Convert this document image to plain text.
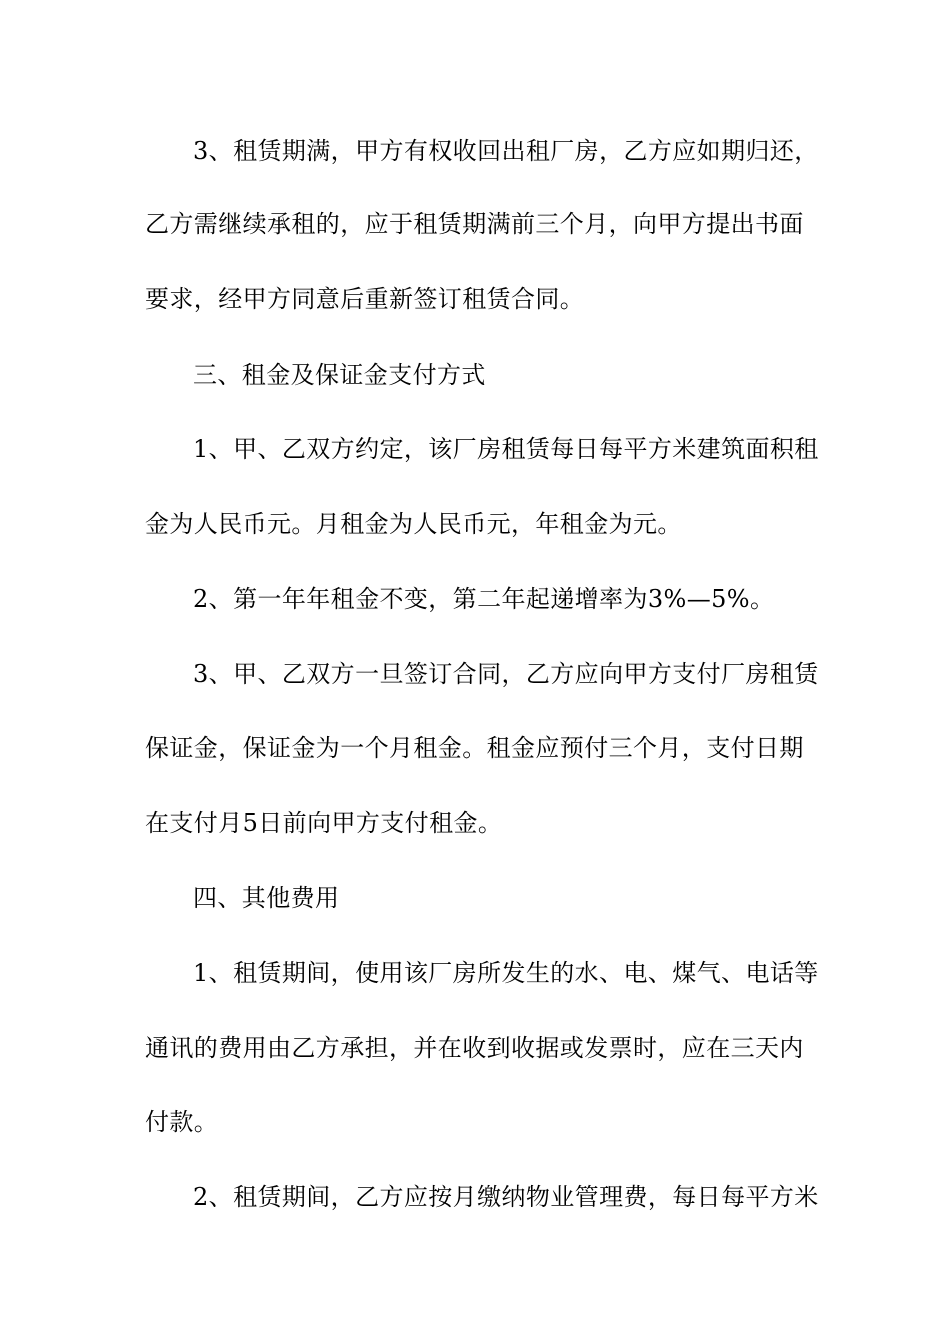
3、租赁期满，甲方有权收回出租厂房，乙方应如期归还，
乙方需继续承租的，应于租赁期满前三个月，向甲方提出书面
要求，经甲方同意后重新签订租赁合同。
三、租金及保证金支付方式
1、甲、乙双方约定，该厂房租赁每日每平方米建筑面积租
金为人民币元。月租金为人民币元，年租金为元。
2、第一年年租金不变，第二年起递增率为3%—5%。
3、甲、乙双方一旦签订合同，乙方应向甲方支付厂房租赁
保证金，保证金为一个月租金。租金应预付三个月，支付日期
在支付月5日前向甲方支付租金。
四、其他费用
1、租赁期间，使用该厂房所发生的水、电、煤气、电话等
通讯的费用由乙方承担，并在收到收据或发票时，应在三天内
付款。
2、租赁期间，乙方应按月缴纳物业管理费，每日每平方米
